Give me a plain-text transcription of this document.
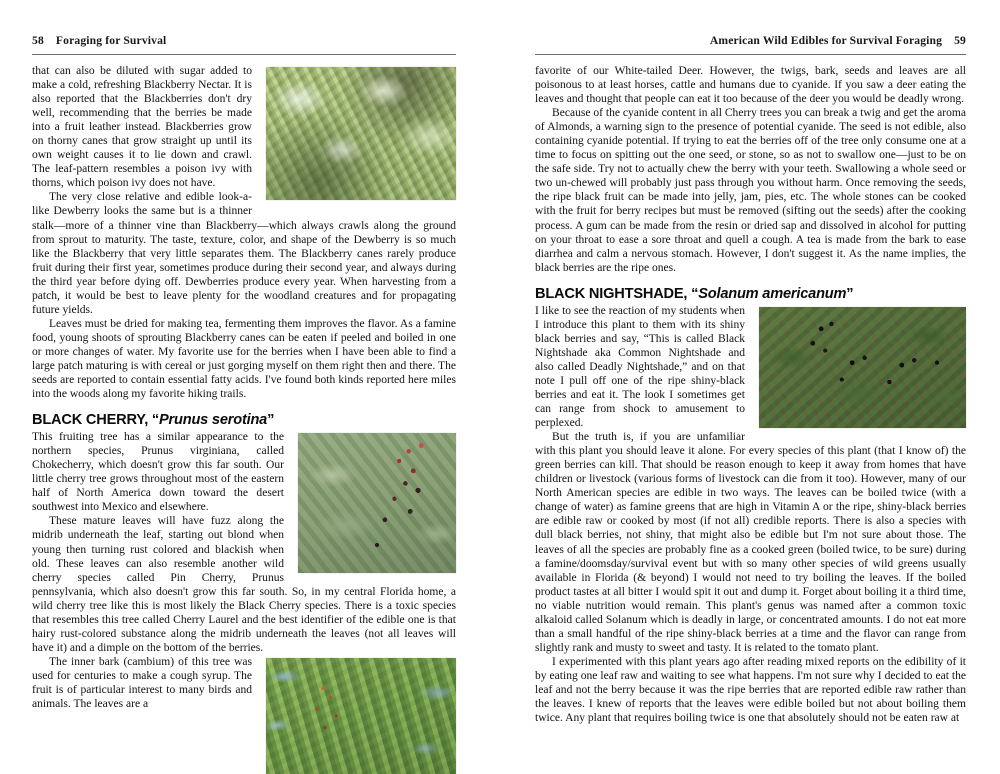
58 Foraging for Survival

that can also be diluted with sugar added to make a cold, refreshing Blackberry Nectar. It is also reported that the Blackberries don't dry well, recommending that the berries be made into a fruit leather instead. Blackberries grow on thorny canes that grow straight up until its own weight causes it to lie down and crawl. The leaf-pattern resembles a poison ivy with thorns, which poison ivy does not have.

The very close relative and edible look-a-like Dewberry looks the same but is a thinner stalk—more of a thinner vine than Blackberry—which always crawls along the ground from sprout to maturity. The taste, texture, color, and shape of the Dewberry is so much like the Blackberry that very little separates them. The Blackberry canes rarely produce fruit during their first year, sometimes produce during their second year, and always during the third year before dying off. Dewberries produce every year. When harvesting from a patch, it would be best to leave plenty for the woodland creatures and for propagating future yields.

Leaves must be dried for making tea, fermenting them improves the flavor. As a famine food, young shoots of sprouting Blackberry canes can be eaten if peeled and boiled in one or more changes of water. My favorite use for the berries when I have been able to find a large patch maturing is with cereal or just gorging myself on them right then and there. The seeds are reported to contain essential fatty acids. I've found both kinds reported here miles into the woods along my favorite hiking trails.

BLACK CHERRY, “Prunus serotina”

This fruiting tree has a similar appearance to the northern species, Prunus virginiana, called Chokecherry, which doesn't grow this far south. Our little cherry tree grows throughout most of the eastern half of North America down toward the desert southwest into Mexico and elsewhere.

These mature leaves will have fuzz along the midrib underneath the leaf, starting out blond when young then turning rust colored and blackish when old. These leaves can also resemble another wild cherry species called Pin Cherry, Prunus pennsylvania, which also doesn't grow this far south. So, in my central Florida home, a wild cherry tree like this is most likely the Black Cherry species. There is a toxic species that resembles this tree called Cherry Laurel and the best identifier of the edible one is that hairy rust-colored substance along the midrib underneath the leaves (not all leaves will have it) and a dimple on the bottom of the berries.

The inner bark (cambium) of this tree was used for centuries to make a cough syrup. The fruit is of particular interest to many birds and animals. The leaves are a

American Wild Edibles for Survival Foraging 59

favorite of our White-tailed Deer. However, the twigs, bark, seeds and leaves are all poisonous to at least horses, cattle and humans due to cyanide. If you saw a deer eating the leaves and thought that people can eat it too because of the deer you would be deadly wrong.

Because of the cyanide content in all Cherry trees you can break a twig and get the aroma of Almonds, a warning sign to the presence of potential cyanide. The seed is not edible, also containing cyanide potential. If trying to eat the berries off of the tree only consume one at a time to focus on spitting out the one seed, or stone, so as not to swallow one—just to be on the safe side. Try not to actually chew the berry with your teeth. Swallowing a whole seed or two un-chewed will probably just pass through you without harm. Once removing the seeds, the ripe black fruit can be made into jelly, jam, pies, etc. The whole stones can be cooked with the fruit for berry recipes but must be removed (sifting out the seeds) after the cooking process. A gum can be made from the resin or dried sap and dissolved in alcohol for putting on your throat to ease a sore throat and quell a cough. A tea is made from the bark to ease diarrhea and calm a nervous stomach. However, I don't suggest it. As the name implies, the black berries are the ripe ones.

BLACK NIGHTSHADE, “Solanum americanum”

I like to see the reaction of my students when I introduce this plant to them with its shiny black berries and say, “This is called Black Nightshade aka Common Nightshade and also called Deadly Nightshade,” and on that note I pull off one of the ripe shiny-black berries and eat it. The look I sometimes get can range from shock to amusement to perplexed.

But the truth is, if you are unfamiliar with this plant you should leave it alone. For every species of this plant (that I know of) the green berries can kill. That should be reason enough to keep it away from homes that have children or livestock (various forms of livestock can die from it too). However, many of our North American species are edible in two ways. The leaves can be boiled twice (with a change of water) as famine greens that are high in Vitamin A or the ripe, shiny-black berries are edible raw or cooked by most (if not all) credible reports. There is also a species with dull black berries, not shiny, that might also be edible but I'm not sure about those. The leaves of all the species are probably fine as a cooked green (boiled twice, to be sure) during a famine/doomsday/survival event but with so many other species of wild greens usually available in Florida (& beyond) I would not need to try boiling the leaves. If the boiled product tastes at all bitter I would spit it out and dump it. Forget about boiling it a third time, no viable nutrition would remain. This plant's genus was named after a common toxic alkaloid called Solanum which is deadly in large, or concentrated amounts. I do not eat more than a small handful of the ripe shiny-black berries at a time and the flavor can range from slightly rank and musty to sweet and tasty. It is related to the tomato plant.

I experimented with this plant years ago after reading mixed reports on the edibility of it by eating one leaf raw and waiting to see what happens. I'm not sure why I decided to eat the leaf and not the berry because it was the ripe berries that are reported edible raw rather than the leaves. I knew of reports that the leaves were edible boiled but not about boiling them twice. Any plant that requires boiling twice is one that absolutely should not be eaten raw at
